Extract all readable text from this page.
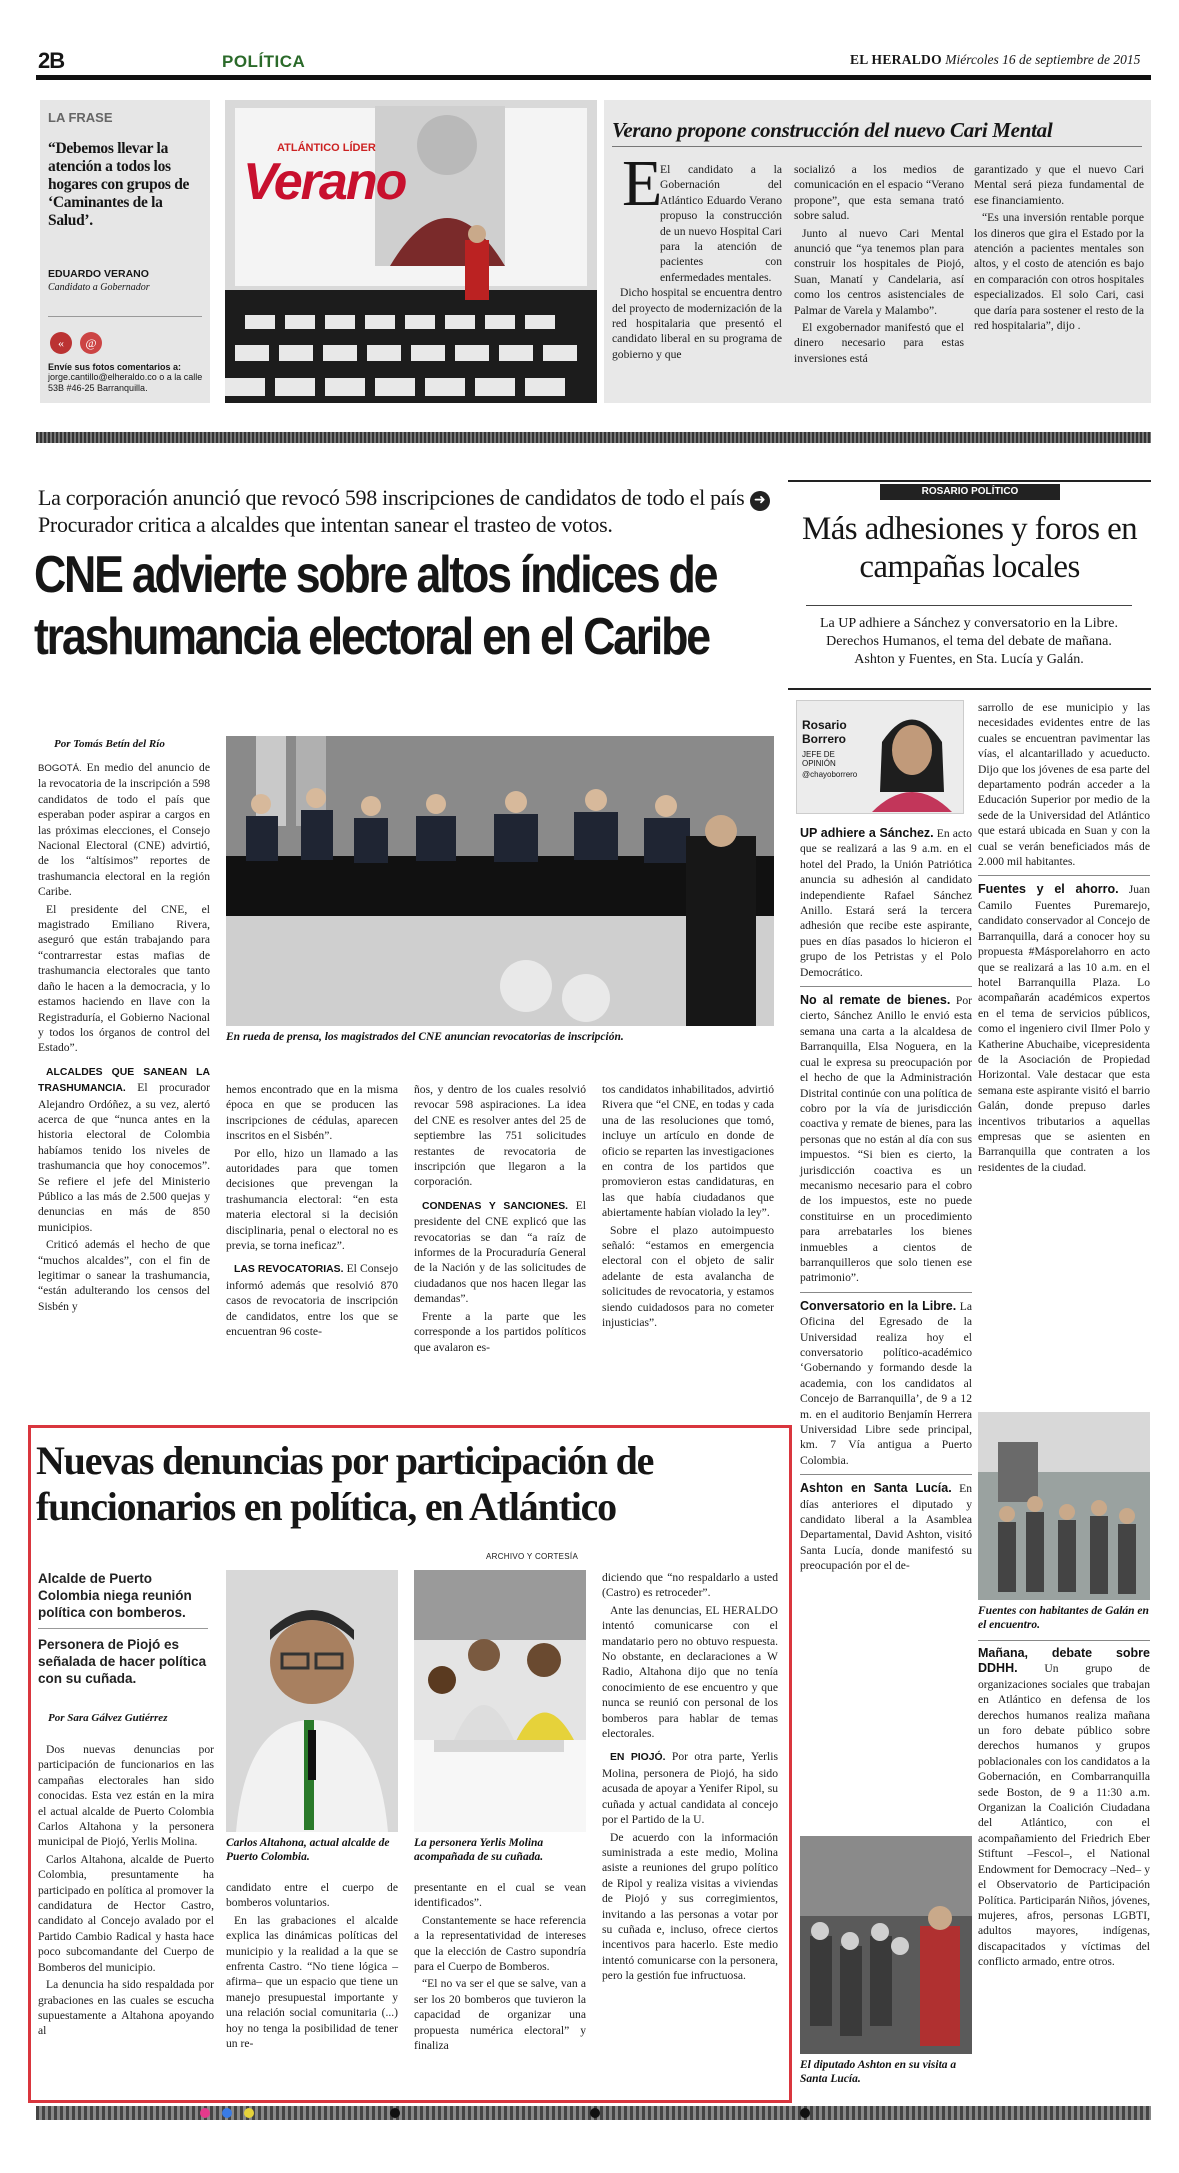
2B	POLÍTICA	EL HERALDO Miércoles 16 de septiembre de 2015
LA FRASE
“Debemos llevar la atención a todos los hogares con grupos de ‘Caminantes de la Salud’.
EDUARDO VERANO
Candidato a Gobernador
«	@
Envíe sus fotos comentarios a:
jorge.cantillo@elheraldo.co o a la calle 53B #46-25 Barranquilla.
ATLÁNTICO LÍDER
Verano
Verano propone construcción del nuevo Cari Mental
E

El candidato a la Gobernación del Atlántico Eduardo Verano propuso la construcción de un nuevo Hospital Cari para la atención de pacientes con enfermedades mentales.

Dicho hospital se encuentra dentro del proyecto de modernización de la red hospitalaria que presentó el candidato liberal en su programa de gobierno y que

socializó a los medios de comunicación en el espacio “Verano propone”, que esta semana trató sobre salud.

Junto al nuevo Cari Mental anunció que “ya tenemos plan para construir los hospitales de Piojó, Suan, Manatí y Candelaria, así como los centros asistenciales de Palmar de Varela y Malambo”.

El exgobernador manifestó que el dinero necesario para estas inversiones está

garantizado y que el nuevo Cari Mental será pieza fundamental de ese financiamiento.

“Es una inversión rentable porque los dineros que gira el Estado por la atención a pacientes mentales son altos, y el costo de atención es bajo en comparación con otros hospitales especializados. El solo Cari, casi que daría para sostener el resto de la red hospitalaria”, dijo .

La corporación anunció que revocó 598 inscripciones de candidatos de todo el país ➜ Procurador critica a alcaldes que intentan sanear el trasteo de votos.
CNE advierte sobre altos índices de trashumancia electoral en el Caribe
Por Tomás Betín del Río
En rueda de prensa, los magistrados del CNE anuncian revocatorias de inscripción.

BOGOTÁ. En medio del anuncio de la revocatoria de la inscripción a 598 candidatos de todo el país que esperaban poder aspirar a cargos en las próximas elecciones, el Consejo Nacional Electoral (CNE) advirtió, de los “altísimos” reportes de trashumancia electoral en la región Caribe.

El presidente del CNE, el magistrado Emiliano Rivera, aseguró que están trabajando para “contrarrestar estas mafias de trashumancia electorales que tanto daño le hacen a la democracia, y lo estamos haciendo en llave con la Registraduría, el Gobierno Nacional y todos los órganos de control del Estado”.

ALCALDES QUE SANEAN LA TRASHUMANCIA. El procurador Alejandro Ordóñez, a su vez, alertó acerca de que “nunca antes en la historia electoral de Colombia habíamos tenido los niveles de trashumancia que hoy conocemos”. Se refiere el jefe del Ministerio Público a las más de 2.500 quejas y denuncias en más de 850 municipios.

Criticó además el hecho de que “muchos alcaldes”, con el fin de legitimar o sanear la trashumancia, “están adulterando los censos del Sisbén y

hemos encontrado que en la misma época en que se producen las inscripciones de cédulas, aparecen inscritos en el Sisbén”.

Por ello, hizo un llamado a las autoridades para que tomen decisiones que prevengan la trashumancia electoral: “en esta materia electoral si la decisión disciplinaria, penal o electoral no es previa, se torna ineficaz”.

LAS REVOCATORIAS. El Consejo informó además que resolvió 870 casos de revocatoria de inscripción de candidatos, entre los que se encuentran 96 coste-

ños, y dentro de los cuales resolvió revocar 598 aspiraciones. La idea del CNE es resolver antes del 25 de septiembre las 751 solicitudes restantes de revocatoria de inscripción que llegaron a la corporación.

CONDENAS Y SANCIONES. El presidente del CNE explicó que las revocatorias se dan “a raíz de informes de la Procuraduría General de la Nación y de las solicitudes de ciudadanos que nos hacen llegar las demandas”.

Frente a la parte que les corresponde a los partidos políticos que avalaron es-

tos candidatos inhabilitados, advirtió Rivera que “el CNE, en todas y cada una de las resoluciones que tomó, incluye un artículo en donde de oficio se reparten las investigaciones en contra de los partidos que promovieron estas candidaturas, en las que había ciudadanos que abiertamente habían violado la ley”.

Sobre el plazo autoimpuesto señaló: “estamos en emergencia electoral con el objeto de salir adelante de esta avalancha de solicitudes de revocatoria, y estamos siendo cuidadosos para no cometer injusticias”.

Nuevas denuncias por participación de funcionarios en política, en Atlántico
ARCHIVO Y CORTESÍA
Alcalde de Puerto Colombia niega reunión política con bomberos.
Personera de Piojó es señalada de hacer política con su cuñada.
Por Sara Gálvez Gutiérrez
Carlos Altahona, actual alcalde de Puerto Colombia.
La personera Yerlis Molina acompañada de su cuñada.

Dos nuevas denuncias por participación de funcionarios en las campañas electorales han sido conocidas. Esta vez están en la mira el actual alcalde de Puerto Colombia Carlos Altahona y la personera municipal de Piojó, Yerlis Molina.

Carlos Altahona, alcalde de Puerto Colombia, presuntamente ha participado en política al promover la candidatura de Hector Castro, candidato al Concejo avalado por el Partido Cambio Radical y hasta hace poco subcomandante del Cuerpo de Bomberos del municipio.

La denuncia ha sido respaldada por grabaciones en las cuales se escucha supuestamente a Altahona apoyando al

candidato entre el cuerpo de bomberos voluntarios.

En las grabaciones el alcalde explica las dinámicas políticas del municipio y la realidad a la que se enfrenta Castro. “No tiene lógica –afirma– que un espacio que tiene un manejo presupuestal importante y una relación social comunitaria (...) hoy no tenga la posibilidad de tener un re-

presentante en el cual se vean identificados”.

Constantemente se hace referencia a la representatividad de intereses que la elección de Castro supondría para el Cuerpo de Bomberos.

“El no va ser el que se salve, van a ser los 20 bomberos que tuvieron la capacidad de organizar una propuesta numérica electoral” y finaliza

diciendo que “no respaldarlo a usted (Castro) es retroceder”.

Ante las denuncias, EL HERALDO intentó comunicarse con el mandatario pero no obtuvo respuesta. No obstante, en declaraciones a W Radio, Altahona dijo que no tenía conocimiento de ese encuentro y que nunca se reunió con personal de los bomberos para hablar de temas electorales.

EN PIOJÓ. Por otra parte, Yerlis Molina, personera de Piojó, ha sido acusada de apoyar a Yenifer Ripol, su cuñada y actual candidata al concejo por el Partido de la U.

De acuerdo con la información suministrada a este medio, Molina asiste a reuniones del grupo político de Ripol y realiza visitas a viviendas de Piojó y sus corregimientos, invitando a las personas a votar por su cuñada e, incluso, ofrece ciertos incentivos para hacerlo. Este medio intentó comunicarse con la personera, pero la gestión fue infructuosa.

ROSARIO POLÍTICO
Más adhesiones y foros en campañas locales
La UP adhiere a Sánchez y conversatorio en la Libre. Derechos Humanos, el tema del debate de mañana. Ashton y Fuentes, en Sta. Lucía y Galán.
Rosario
Borrero
JEFE DE OPINIÓN
@chayoborrero

UP adhiere a Sánchez. En acto que se realizará a las 9 a.m. en el hotel del Prado, la Unión Patriótica anuncia su adhesión al candidato independiente Rafael Sánchez Anillo. Estará será la tercera adhesión que recibe este aspirante, pues en días pasados lo hicieron el grupo de los Petristas y el Polo Democrático.

No al remate de bienes. Por cierto, Sánchez Anillo le envió esta semana una carta a la alcaldesa de Barranquilla, Elsa Noguera, en la cual le expresa su preocupación por el hecho de que la Administración Distrital continúe con una política de cobro por la vía de jurisdicción coactiva y remate de bienes, para las personas que no están al día con sus impuestos. “Si bien es cierto, la jurisdicción coactiva es un mecanismo necesario para el cobro de los impuestos, este no puede constituirse en un procedimiento para arrebatarles los bienes inmuebles a cientos de barranquilleros que solo tienen ese patrimonio”.

Conversatorio en la Libre. La Oficina del Egresado de la Universidad realiza hoy el conversatorio político-académico ‘Gobernando y formando desde la academia, con los candidatos al Concejo de Barranquilla’, de 9 a 12 m. en el auditorio Benjamín Herrera Universidad Libre sede principal, km. 7 Vía antigua a Puerto Colombia.

Ashton en Santa Lucía. En días anteriores el diputado y candidato liberal a la Asamblea Departamental, David Ashton, visitó Santa Lucía, donde manifestó su preocupación por el de-

El diputado Ashton en su visita a Santa Lucía.

sarrollo de ese municipio y las necesidades evidentes entre de las cuales se encuentran pavimentar las vías, el alcantarillado y acueducto. Dijo que los jóvenes de esa parte del departamento podrán acceder a la Educación Superior por medio de la sede de la Universidad del Atlántico que estará ubicada en Suan y con la cual se verán beneficiados más de 2.000 mil habitantes.

Fuentes y el ahorro. Juan Camilo Fuentes Puremarejo, candidato conservador al Concejo de Barranquilla, dará a conocer hoy su propuesta #Másporelahorro en acto que se realizará a las 10 a.m. en el hotel Barranquilla Plaza. Lo acompañarán académicos expertos en el tema de servicios públicos, como el ingeniero civil Ilmer Polo y Katherine Abuchaibe, vicepresidenta de la Asociación de Propiedad Horizontal. Vale destacar que esta semana este aspirante visitó el barrio Galán, donde prepuso darles incentivos tributarios a aquellas empresas que se asienten en Barranquilla que contraten a los residentes de la ciudad.

Fuentes con habitantes de Galán en el encuentro.

Mañana, debate sobre DDHH. Un grupo de organizaciones sociales que trabajan en Atlántico en defensa de los derechos humanos realiza mañana un foro debate público sobre derechos humanos y grupos poblacionales con los candidatos a la Gobernación, en Combarranquilla sede Boston, de 9 a 11:30 a.m. Organizan la Coalición Ciudadana del Atlántico, con el acompañamiento del Friedrich Eber Stiftunt –Fescol–, el National Endowment for Democracy –Ned– y el Observatorio de Participación Política. Participarán Niños, jóvenes, mujeres, afros, personas LGBTI, adultos mayores, indígenas, discapacitados y víctimas del conflicto armado, entre otros.
